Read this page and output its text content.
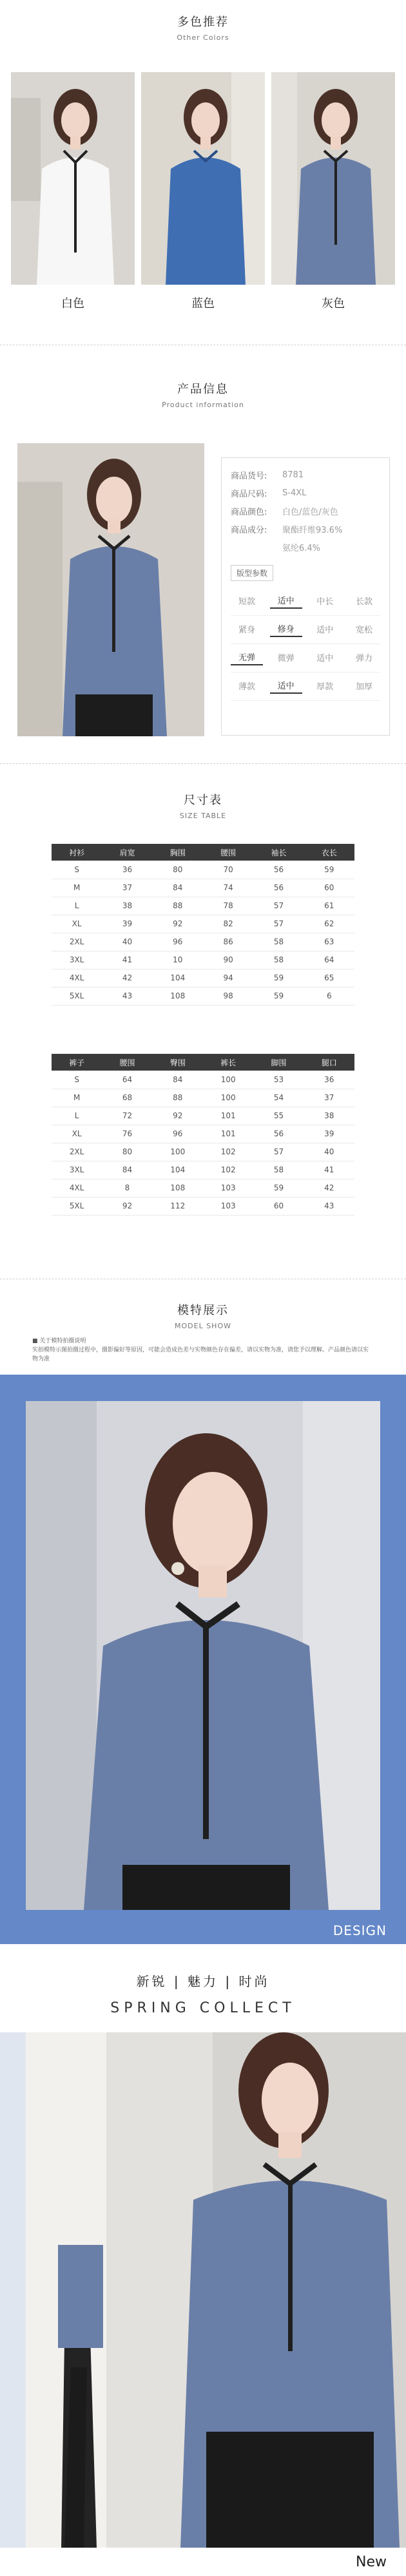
多色推荐
Other Colors
白色	蓝色	灰色
产品信息
Product information
商品货号:	8781
商品尺码:	S-4XL
商品颜色:	白色/蓝色/灰色
商品成分:	聚酯纤维93.6%
氨纶6.4%
版型参数
短款	适中	中长	长款
紧身	修身	适中	宽松
无弹	微弹	适中	弹力
薄款	适中	厚款	加厚
尺寸表
SIZE TABLE
衬衫	肩宽	胸围	腰围	袖长	衣长
S	36	80	70	56	59
M	37	84	74	56	60
L	38	88	78	57	61
XL	39	92	82	57	62
2XL	40	96	86	58	63
3XL	41	10	90	58	64
4XL	42	104	94	59	65
5XL	43	108	98	59	6
裤子	腰围	臀围	裤长	脚围	腿口
S	64	84	100	53	36
M	68	88	100	54	37
L	72	92	101	55	38
XL	76	96	101	56	39
2XL	80	100	102	57	40
3XL	84	104	102	58	41
4XL	8	108	103	59	42
5XL	92	112	103	60	43
模特展示
MODEL SHOW
■ 关于模特拍摄说明
实拍模特示图拍摄过程中，摄影偏好等原因，可能会造成色差与实物颜色存在偏差，请以实物为准，请您予以理解。产品颜色请以实物为准
DESIGN
新锐 | 魅力 | 时尚
SPRING COLLECT
New
